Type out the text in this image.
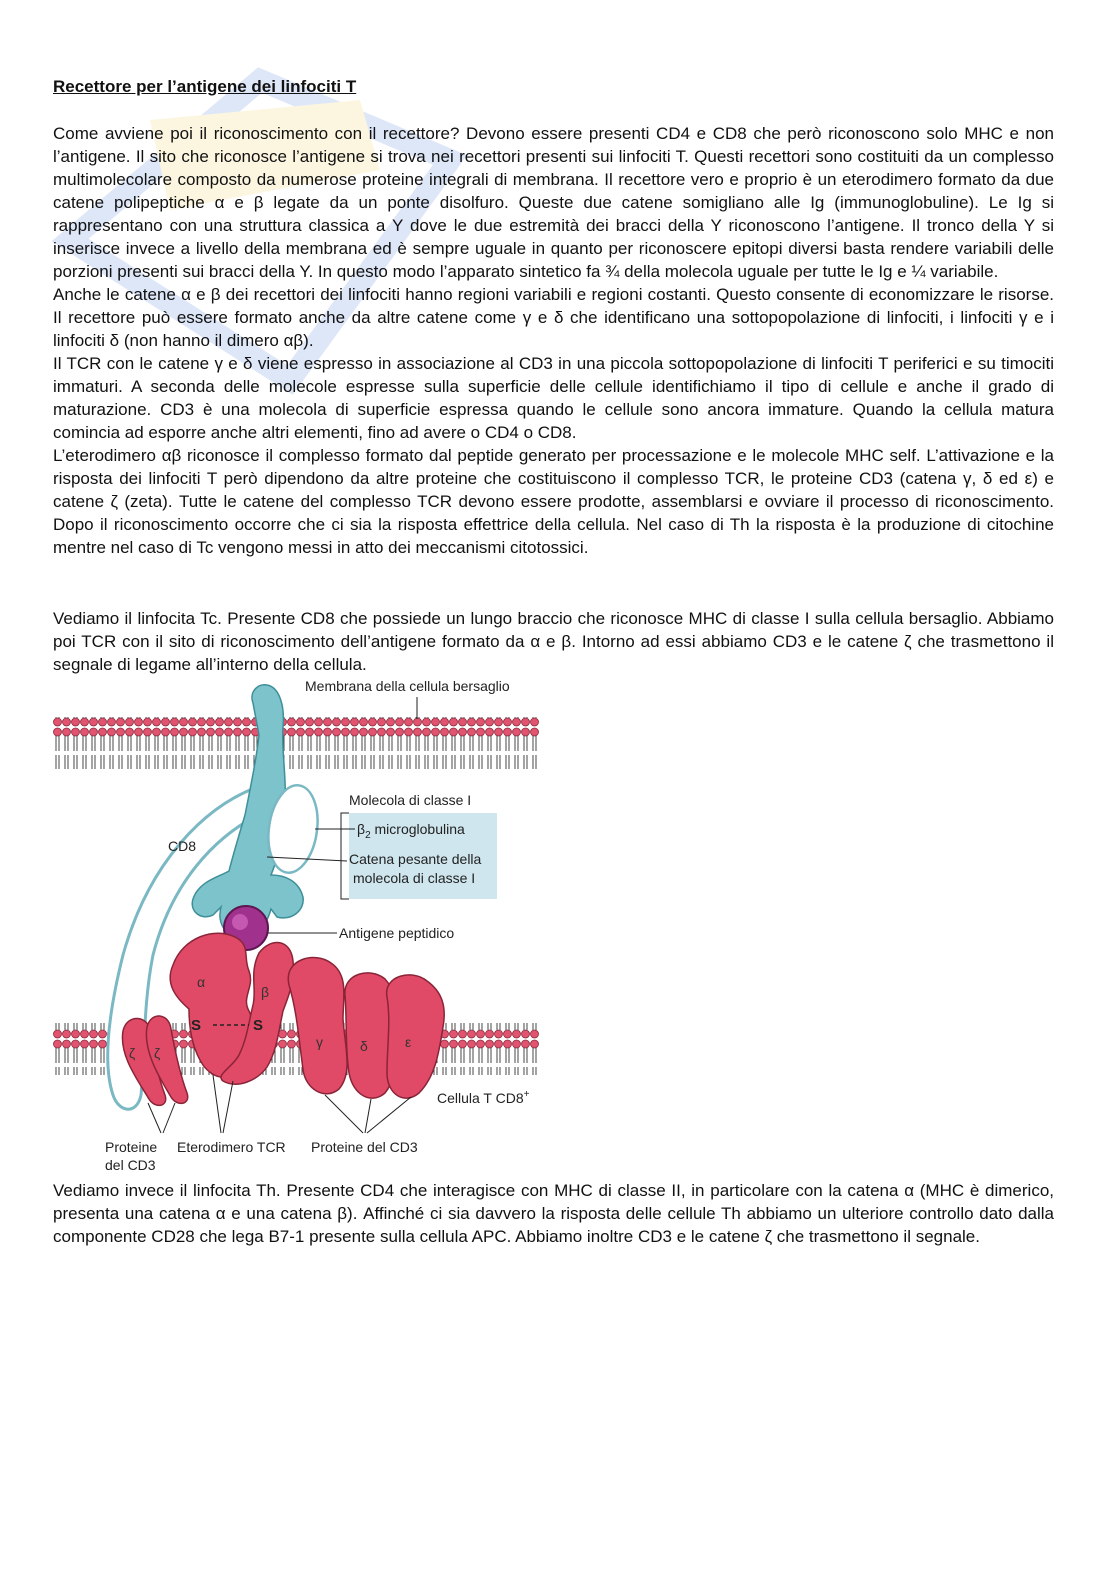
Recettore per l’antigene dei linfociti T

Come avviene poi il riconoscimento con il recettore? Devono essere presenti CD4 e CD8 che però riconoscono solo MHC e non l’antigene. Il sito che riconosce l’antigene si trova nei recettori presenti sui linfociti T. Questi recettori sono costituiti da un complesso multimolecolare composto da numerose proteine integrali di membrana. Il recettore vero e proprio è un eterodimero formato da due catene polipeptiche α e β legate da un ponte disolfuro. Queste due catene somigliano alle Ig (immunoglobuline). Le Ig si rappresentano con una struttura classica a Y dove le due estremità dei bracci della Y riconoscono l’antigene. Il tronco della Y si inserisce invece a livello della membrana ed è sempre uguale in quanto per riconoscere epitopi diversi basta rendere variabili delle porzioni presenti sui bracci della Y. In questo modo l’apparato sintetico fa ¾ della molecola uguale per tutte le Ig e ¼ variabile.

Anche le catene α e β dei recettori dei linfociti hanno regioni variabili e regioni costanti. Questo consente di economizzare le risorse. Il recettore può essere formato anche da altre catene come γ e δ che identificano una sottopopolazione di linfociti, i linfociti γ e i linfociti δ (non hanno il dimero αβ).

Il TCR con le catene γ e δ viene espresso in associazione al CD3 in una piccola sottopopolazione di linfociti T periferici e su timociti immaturi. A seconda delle molecole espresse sulla superficie delle cellule identifichiamo il tipo di cellule e anche il grado di maturazione. CD3 è una molecola di superficie espressa quando le cellule sono ancora immature. Quando la cellula matura comincia ad esporre anche altri elementi, fino ad avere o CD4 o CD8.

L’eterodimero αβ riconosce il complesso formato dal peptide generato per processazione e le molecole MHC self. L’attivazione e la risposta dei linfociti T però dipendono da altre proteine che costituiscono il complesso TCR, le proteine CD3 (catena γ, δ ed ε) e catene ζ (zeta). Tutte le catene del complesso TCR devono essere prodotte, assemblarsi e ovviare il processo di riconoscimento. Dopo il riconoscimento occorre che ci sia la risposta effettrice della cellula. Nel caso di Th la risposta è la produzione di citochine mentre nel caso di Tc vengono messi in atto dei meccanismi citotossici.

Vediamo il linfocita Tc. Presente CD8 che possiede un lungo braccio che riconosce MHC di classe I sulla cellula bersaglio. Abbiamo poi TCR con il sito di riconoscimento dell’antigene formato da α e β. Intorno ad essi abbiamo CD3 e le catene ζ che trasmettono il segnale di legame all’interno della cellula.

α
β
S	S
ζ ζ
γ	δ	ε
Membrana della cellula bersaglio
Molecola di classe I
$\beta_2$ microglobulina
Catena pesante della
molecola di classe I
CD8
Antigene peptidico
Cellula T CD8+
Proteine
del CD3
Eterodimero TCR Proteine del CD3

Vediamo invece il linfocita Th. Presente CD4 che interagisce con MHC di classe II, in particolare con la catena α (MHC è dimerico, presenta una catena α e una catena β). Affinché ci sia davvero la risposta delle cellule Th abbiamo un ulteriore controllo dato dalla componente CD28 che lega B7-1 presente sulla cellula APC. Abbiamo inoltre CD3 e le catene ζ che trasmettono il segnale.
